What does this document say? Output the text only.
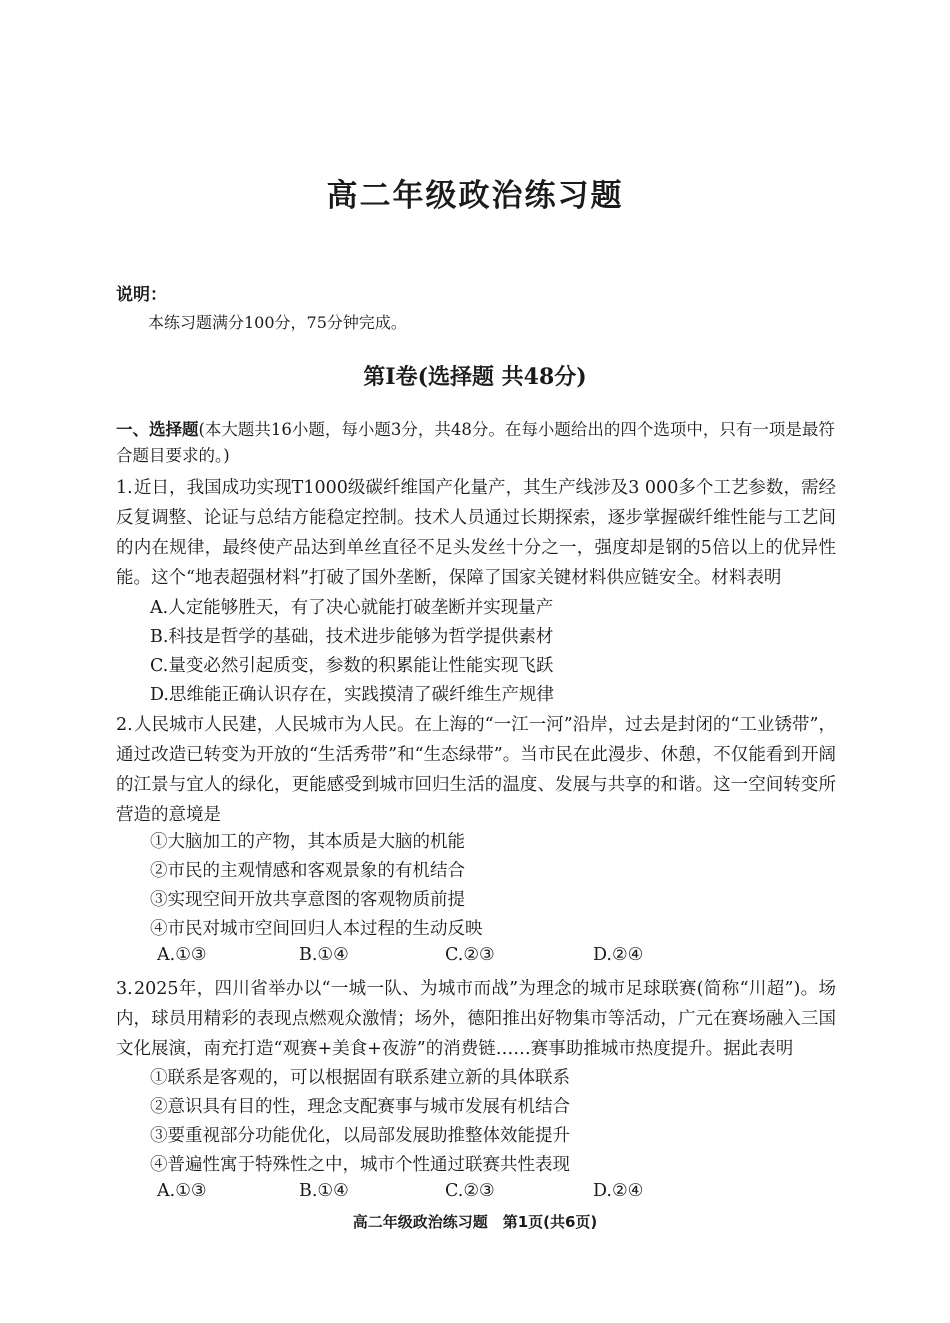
高二年级政治练习题
说明：
本练习题满分100分，75分钟完成。
第Ⅰ卷(选择题 共48分)
一、选择题(本大题共16小题，每小题3分，共48分。在每小题给出的四个选项中，只有一项是最符合题目要求的。)
1.近日，我国成功实现T1000级碳纤维国产化量产，其生产线涉及3 000多个工艺参数，需经反复调整、论证与总结方能稳定控制。技术人员通过长期探索，逐步掌握碳纤维性能与工艺间的内在规律，最终使产品达到单丝直径不足头发丝十分之一，强度却是钢的5倍以上的优异性能。这个“地表超强材料”打破了国外垄断，保障了国家关键材料供应链安全。材料表明
A.人定能够胜天，有了决心就能打破垄断并实现量产
B.科技是哲学的基础，技术进步能够为哲学提供素材
C.量变必然引起质变，参数的积累能让性能实现飞跃
D.思维能正确认识存在，实践摸清了碳纤维生产规律
2.人民城市人民建，人民城市为人民。在上海的“一江一河”沿岸，过去是封闭的“工业锈带”，通过改造已转变为开放的“生活秀带”和“生态绿带”。当市民在此漫步、休憩，不仅能看到开阔的江景与宜人的绿化，更能感受到城市回归生活的温度、发展与共享的和谐。这一空间转变所营造的意境是
①大脑加工的产物，其本质是大脑的机能
②市民的主观情感和客观景象的有机结合
③实现空间开放共享意图的客观物质前提
④市民对城市空间回归人本过程的生动反映
A.①③	B.①④	C.②③	D.②④
3.2025年，四川省举办以“一城一队、为城市而战”为理念的城市足球联赛(简称“川超”)。场内，球员用精彩的表现点燃观众激情；场外，德阳推出好物集市等活动，广元在赛场融入三国文化展演，南充打造“观赛+美食+夜游”的消费链……赛事助推城市热度提升。据此表明
①联系是客观的，可以根据固有联系建立新的具体联系
②意识具有目的性，理念支配赛事与城市发展有机结合
③要重视部分功能优化，以局部发展助推整体效能提升
④普遍性寓于特殊性之中，城市个性通过联赛共性表现
A.①③	B.①④	C.②③	D.②④
高二年级政治练习题　第1页(共6页)
